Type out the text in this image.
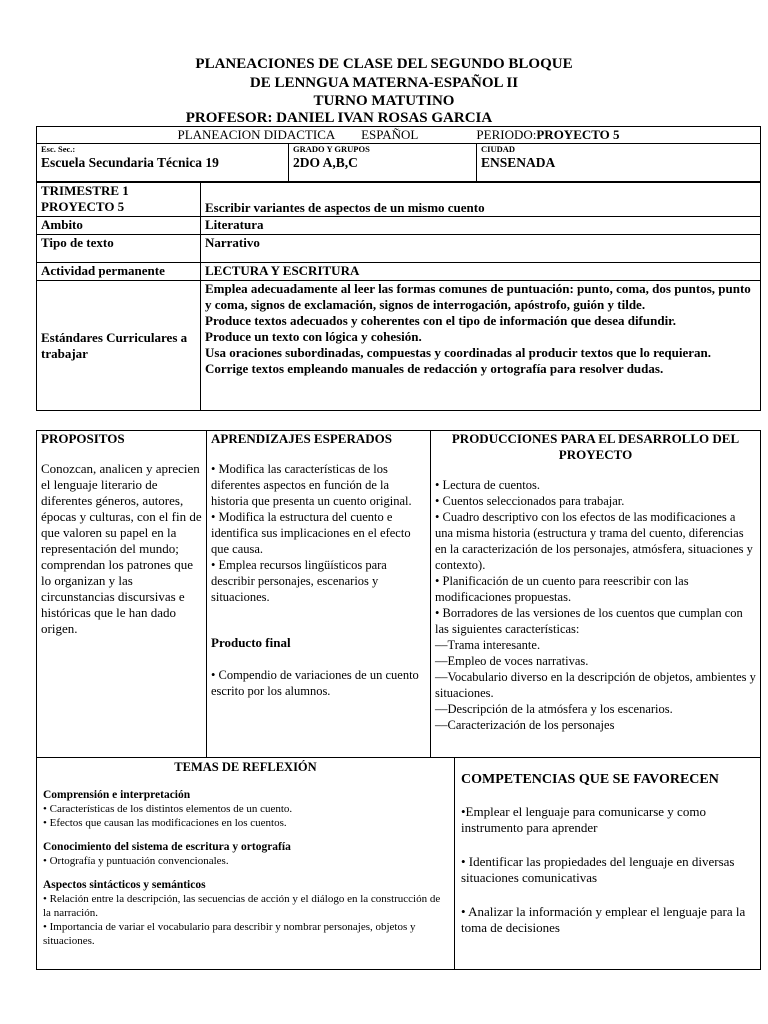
PLANEACIONES DE CLASE DEL SEGUNDO BLOQUE

DE LENNGUA MATERNA-ESPAÑOL II

TURNO MATUTINO

PROFESOR: DANIEL IVAN ROSAS GARCIA

PLANEACION DIDACTICA ESPAÑOL	PERIODO:PROYECTO 5

Esc. Sec.:
Escuela Secundaria Técnica 19

GRADO Y GRUPOS
2DO A,B,C

CIUDAD
ENSENADA
TRIMESTRE 1
PROYECTO 5	Escribir variantes de aspectos de un mismo cuento
Ambito	Literatura
Tipo de texto	Narrativo
Actividad permanente	LECTURA Y ESCRITURA
Estándares Curriculares a trabajar	Emplea adecuadamente al leer las formas comunes de puntuación: punto, coma, dos puntos, punto y coma, signos de exclamación, signos de interrogación, apóstrofo, guión y tilde.

Produce textos adecuados y coherentes con el tipo de información que desea difundir.

Produce un texto con lógica y cohesión.

Usa oraciones subordinadas, compuestas y coordinadas al producir textos que lo requieran.

Corrige textos empleando manuales de redacción y ortografía para resolver dudas.

PROPOSITOS

Conozcan, analicen y aprecien el lenguaje literario de diferentes géneros, autores, épocas y culturas, con el fin de que valoren su papel en la representación del mundo; comprendan los patrones que lo organizan y las circunstancias discursivas e históricas que le han dado origen.

APRENDIZAJES ESPERADOS

• Modifica las características de los diferentes aspectos en función de la historia que presenta un cuento original.

• Modifica la estructura del cuento e identifica sus implicaciones en el efecto que causa.

• Emplea recursos lingüísticos para describir personajes, escenarios y situaciones.

Producto final

• Compendio de variaciones de un cuento escrito por los alumnos.

PRODUCCIONES PARA EL DESARROLLO DEL PROYECTO

• Lectura de cuentos.

• Cuentos seleccionados para trabajar.

• Cuadro descriptivo con los efectos de las modificaciones a una misma historia (estructura y trama del cuento, diferencias en la caracterización de los personajes, atmósfera, situaciones y contexto).

• Planificación de un cuento para reescribir con las modificaciones propuestas.

• Borradores de las versiones de los cuentos que cumplan con las siguientes características:

––Trama interesante.

––Empleo de voces narrativas.

––Vocabulario diverso en la descripción de objetos, ambientes y situaciones.

––Descripción de la atmósfera y los escenarios.

––Caracterización de los personajes

TEMAS DE REFLEXIÓN

Comprensión e interpretación

• Características de los distintos elementos de un cuento.

• Efectos que causan las modificaciones en los cuentos.

Conocimiento del sistema de escritura y ortografía

• Ortografía y puntuación convencionales.

Aspectos sintácticos y semánticos

• Relación entre la descripción, las secuencias de acción y el diálogo en la construcción de la narración.

• Importancia de variar el vocabulario para describir y nombrar personajes, objetos y situaciones.

COMPETENCIAS QUE SE FAVORECEN

•Emplear el lenguaje para comunicarse y como instrumento para aprender

• Identificar las propiedades del lenguaje en diversas situaciones comunicativas

• Analizar la información y emplear el lenguaje para la toma de decisiones
